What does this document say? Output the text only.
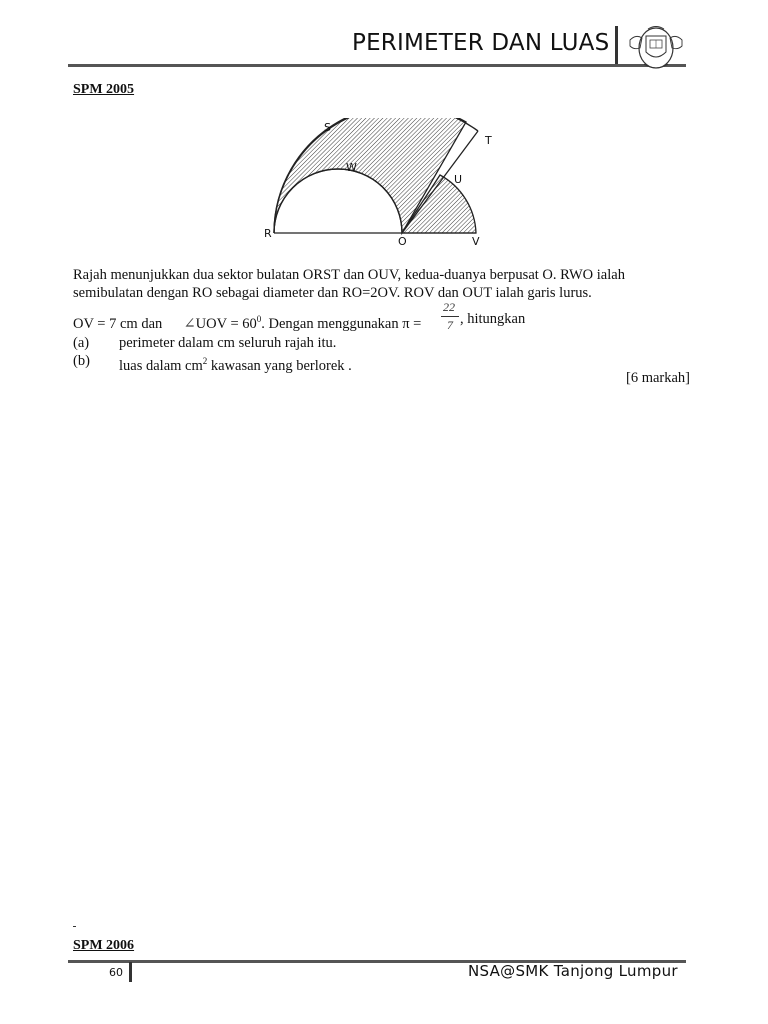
PERIMETER DAN LUAS
SPM 2005
S
T
W
U
R
O	V
Rajah menunjukkan dua sektor bulatan ORST dan OUV, kedua-duanya berpusat O. RWO ialah
semibulatan dengan RO sebagai diameter dan RO=2OV. ROV dan OUT ialah garis lurus.
OV = 7 cm dan ∠UOV = $60^0$. Dengan menggunakan π =
22
7 , hitungkan
(a) perimeter dalam cm seluruh rajah itu.
(b) luas dalam $cm^2$ kawasan yang berlorek .
[6 markah]
SPM 2006
60	NSA@SMK Tanjong Lumpur
